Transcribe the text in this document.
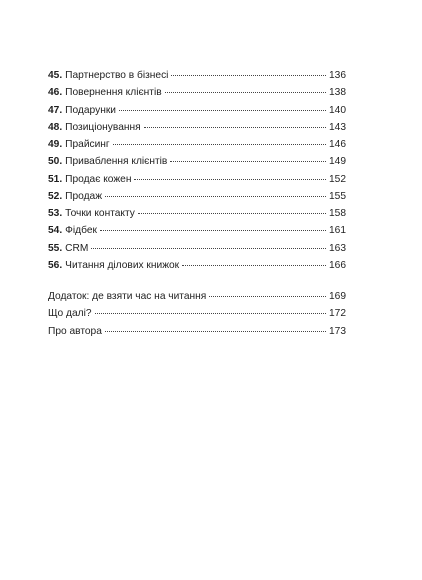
45. Партнерство в бізнесі	136
46. Повернення клієнтів	138
47. Подарунки	140
48. Позиціонування	143
49. Прайсинг	146
50. Приваблення клієнтів	149
51. Продає кожен	152
52. Продаж	155
53. Точки контакту	158
54. Фідбек	161
55. CRM	163
56. Читання ділових книжок	166
Додаток: де взяти час на читання	169
Що далі?	172
Про автора	173
